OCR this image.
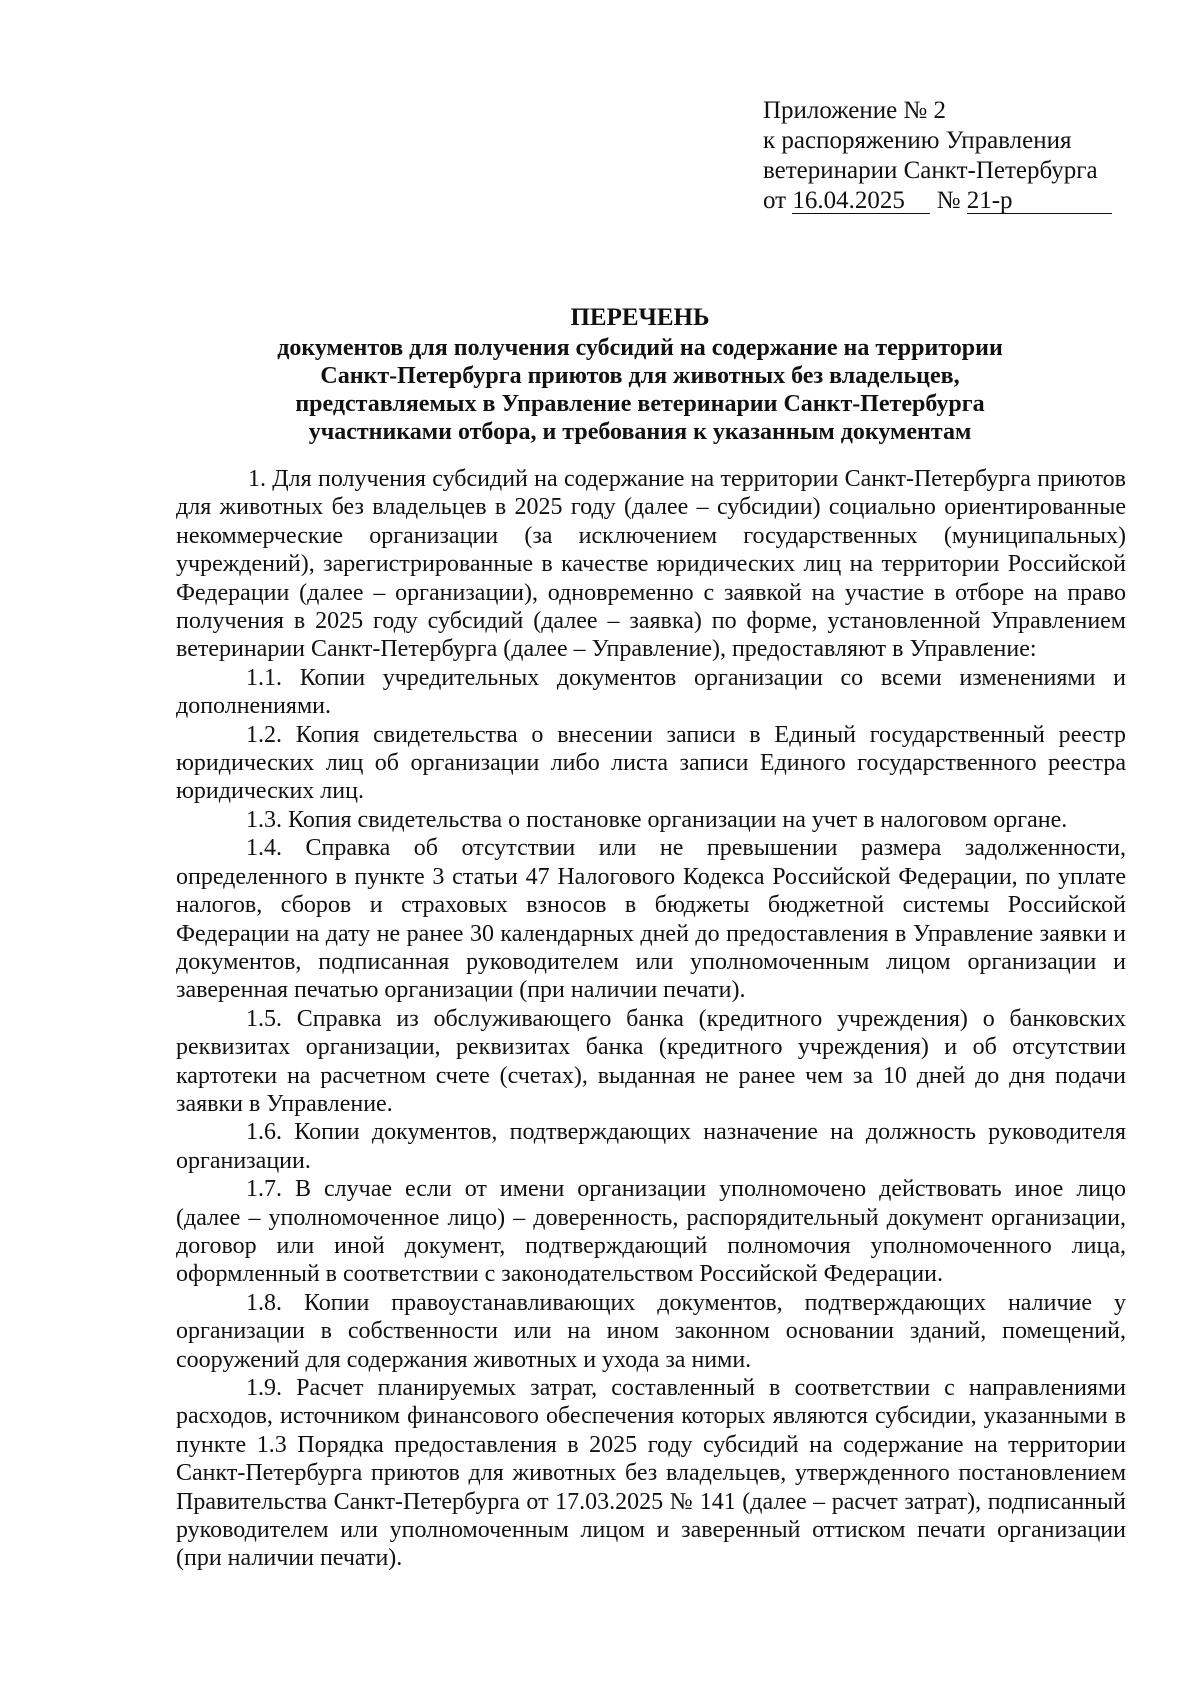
Приложение № 2
к распоряжению Управления
ветеринарии Санкт-Петербурга
от 16.04.2025 № 21-р
ПЕРЕЧЕНЬ
документов для получения субсидий на содержание на территории
Санкт-Петербурга приютов для животных без владельцев,
представляемых в Управление ветеринарии Санкт-Петербурга
участниками отбора, и требования к указанным документам

1. Для получения субсидий на содержание на территории Санкт-Петербурга приютов для животных без владельцев в 2025 году (далее – субсидии) социально ориентированные некоммерческие организации (за исключением государственных (муниципальных) учреждений), зарегистрированные в качестве юридических лиц на территории Российской Федерации (далее – организации), одновременно с заявкой на участие в отборе на право получения в 2025 году субсидий (далее – заявка) по форме, установленной Управлением ветеринарии Санкт-Петербурга (далее – Управление), предоставляют в Управление:

1.1. Копии учредительных документов организации со всеми изменениями и дополнениями.

1.2. Копия свидетельства о внесении записи в Единый государственный реестр юридических лиц об организации либо листа записи Единого государственного реестра юридических лиц.

1.3. Копия свидетельства о постановке организации на учет в налоговом органе.

1.4. Справка об отсутствии или не превышении размера задолженности, определенного в пункте 3 статьи 47 Налогового Кодекса Российской Федерации, по уплате налогов, сборов и страховых взносов в бюджеты бюджетной системы Российской Федерации на дату не ранее 30 календарных дней до предоставления в Управление заявки и документов, подписанная руководителем или уполномоченным лицом организации и заверенная печатью организации (при наличии печати).

1.5. Справка из обслуживающего банка (кредитного учреждения) о банковских реквизитах организации, реквизитах банка (кредитного учреждения) и об отсутствии картотеки на расчетном счете (счетах), выданная не ранее чем за 10 дней до дня подачи заявки в Управление.

1.6. Копии документов, подтверждающих назначение на должность руководителя организации.

1.7. В случае если от имени организации уполномочено действовать иное лицо (далее – уполномоченное лицо) – доверенность, распорядительный документ организации, договор или иной документ, подтверждающий полномочия уполномоченного лица, оформленный в соответствии с законодательством Российской Федерации.

1.8. Копии правоустанавливающих документов, подтверждающих наличие у организации в собственности или на ином законном основании зданий, помещений, сооружений для содержания животных и ухода за ними.

1.9. Расчет планируемых затрат, составленный в соответствии с направлениями расходов, источником финансового обеспечения которых являются субсидии, указанными в пункте 1.3 Порядка предоставления в 2025 году субсидий на содержание на территории Санкт-Петербурга приютов для животных без владельцев, утвержденного постановлением Правительства Санкт-Петербурга от 17.03.2025 № 141 (далее – расчет затрат), подписанный руководителем или уполномоченным лицом и заверенный оттиском печати организации (при наличии печати).
